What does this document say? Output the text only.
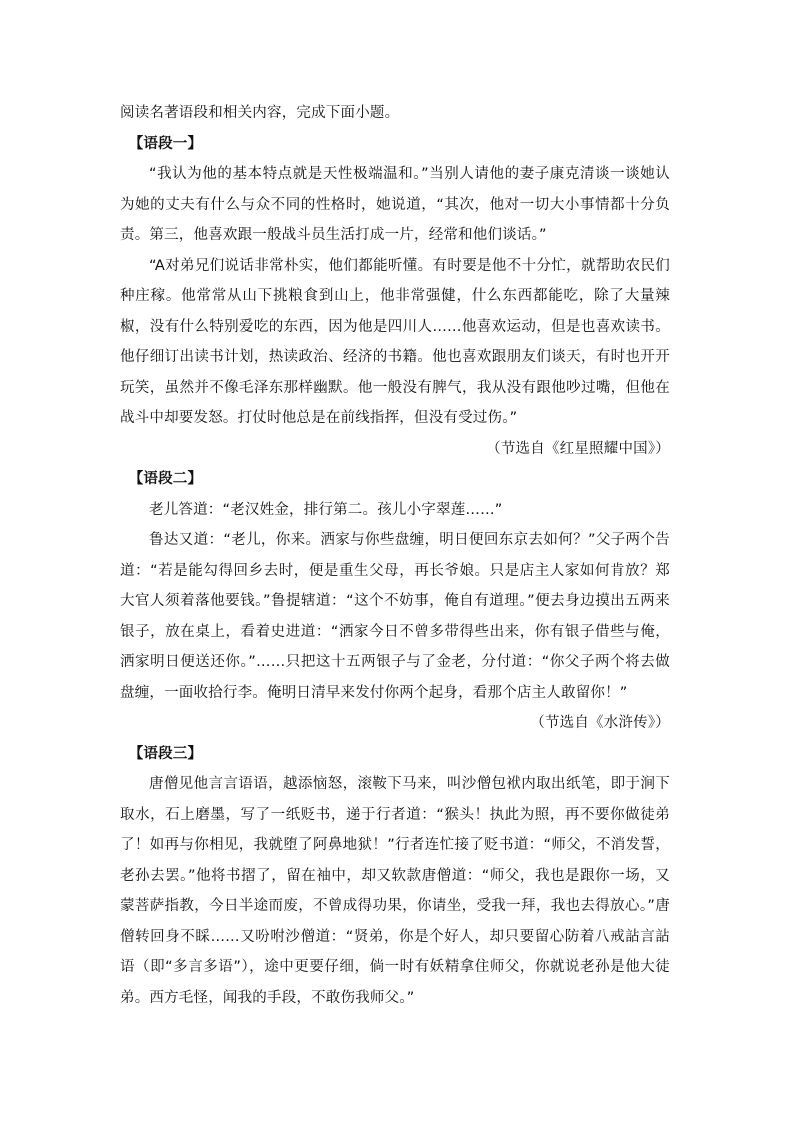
阅读名著语段和相关内容，完成下面小题。

【语段一】

“我认为他的基本特点就是天性极端温和。”当别人请他的妻子康克清谈一谈她认为她的丈夫有什么与众不同的性格时，她说道，“其次，他对一切大小事情都十分负责。第三，他喜欢跟一般战斗员生活打成一片，经常和他们谈话。”

“A对弟兄们说话非常朴实，他们都能听懂。有时要是他不十分忙，就帮助农民们种庄稼。他常常从山下挑粮食到山上，他非常强健，什么东西都能吃，除了大量辣椒，没有什么特别爱吃的东西，因为他是四川人……他喜欢运动，但是也喜欢读书。他仔细订出读书计划，热读政治、经济的书籍。他也喜欢跟朋友们谈天，有时也开开玩笑，虽然并不像毛泽东那样幽默。他一般没有脾气，我从没有跟他吵过嘴，但他在战斗中却要发怒。打仗时他总是在前线指挥，但没有受过伤。”

（节选自《红星照耀中国》）

【语段二】

老儿答道：“老汉姓金，排行第二。孩儿小字翠莲……”

鲁达又道：“老儿，你来。洒家与你些盘缠，明日便回东京去如何？”父子两个告道：“若是能勾得回乡去时，便是重生父母，再长爷娘。只是店主人家如何肯放？郑大官人须着落他要钱。”鲁提辖道：“这个不妨事，俺自有道理。”便去身边摸出五两来银子，放在桌上，看着史进道：“洒家今日不曾多带得些出来，你有银子借些与俺，洒家明日便送还你。”……只把这十五两银子与了金老，分付道：“你父子两个将去做盘缠，一面收拾行李。俺明日清早来发付你两个起身，看那个店主人敢留你！”

（节选自《水浒传》）

【语段三】

唐僧见他言言语语，越添恼怒，滚鞍下马来，叫沙僧包袱内取出纸笔，即于涧下取水，石上磨墨，写了一纸贬书，递于行者道：“猴头！执此为照，再不要你做徒弟了！如再与你相见，我就堕了阿鼻地狱！”行者连忙接了贬书道：“师父，不消发誓，老孙去罢。”他将书摺了，留在袖中，却又软款唐僧道：“师父，我也是跟你一场，又蒙菩萨指教，今日半途而废，不曾成得功果，你请坐，受我一拜，我也去得放心。”唐僧转回身不睬……又吩咐沙僧道：“贤弟，你是个好人，却只要留心防着八戒詀言詀语（即“多言多语”），途中更要仔细，倘一时有妖精拿住师父，你就说老孙是他大徒弟。西方毛怪，闻我的手段，不敢伤我师父。”
